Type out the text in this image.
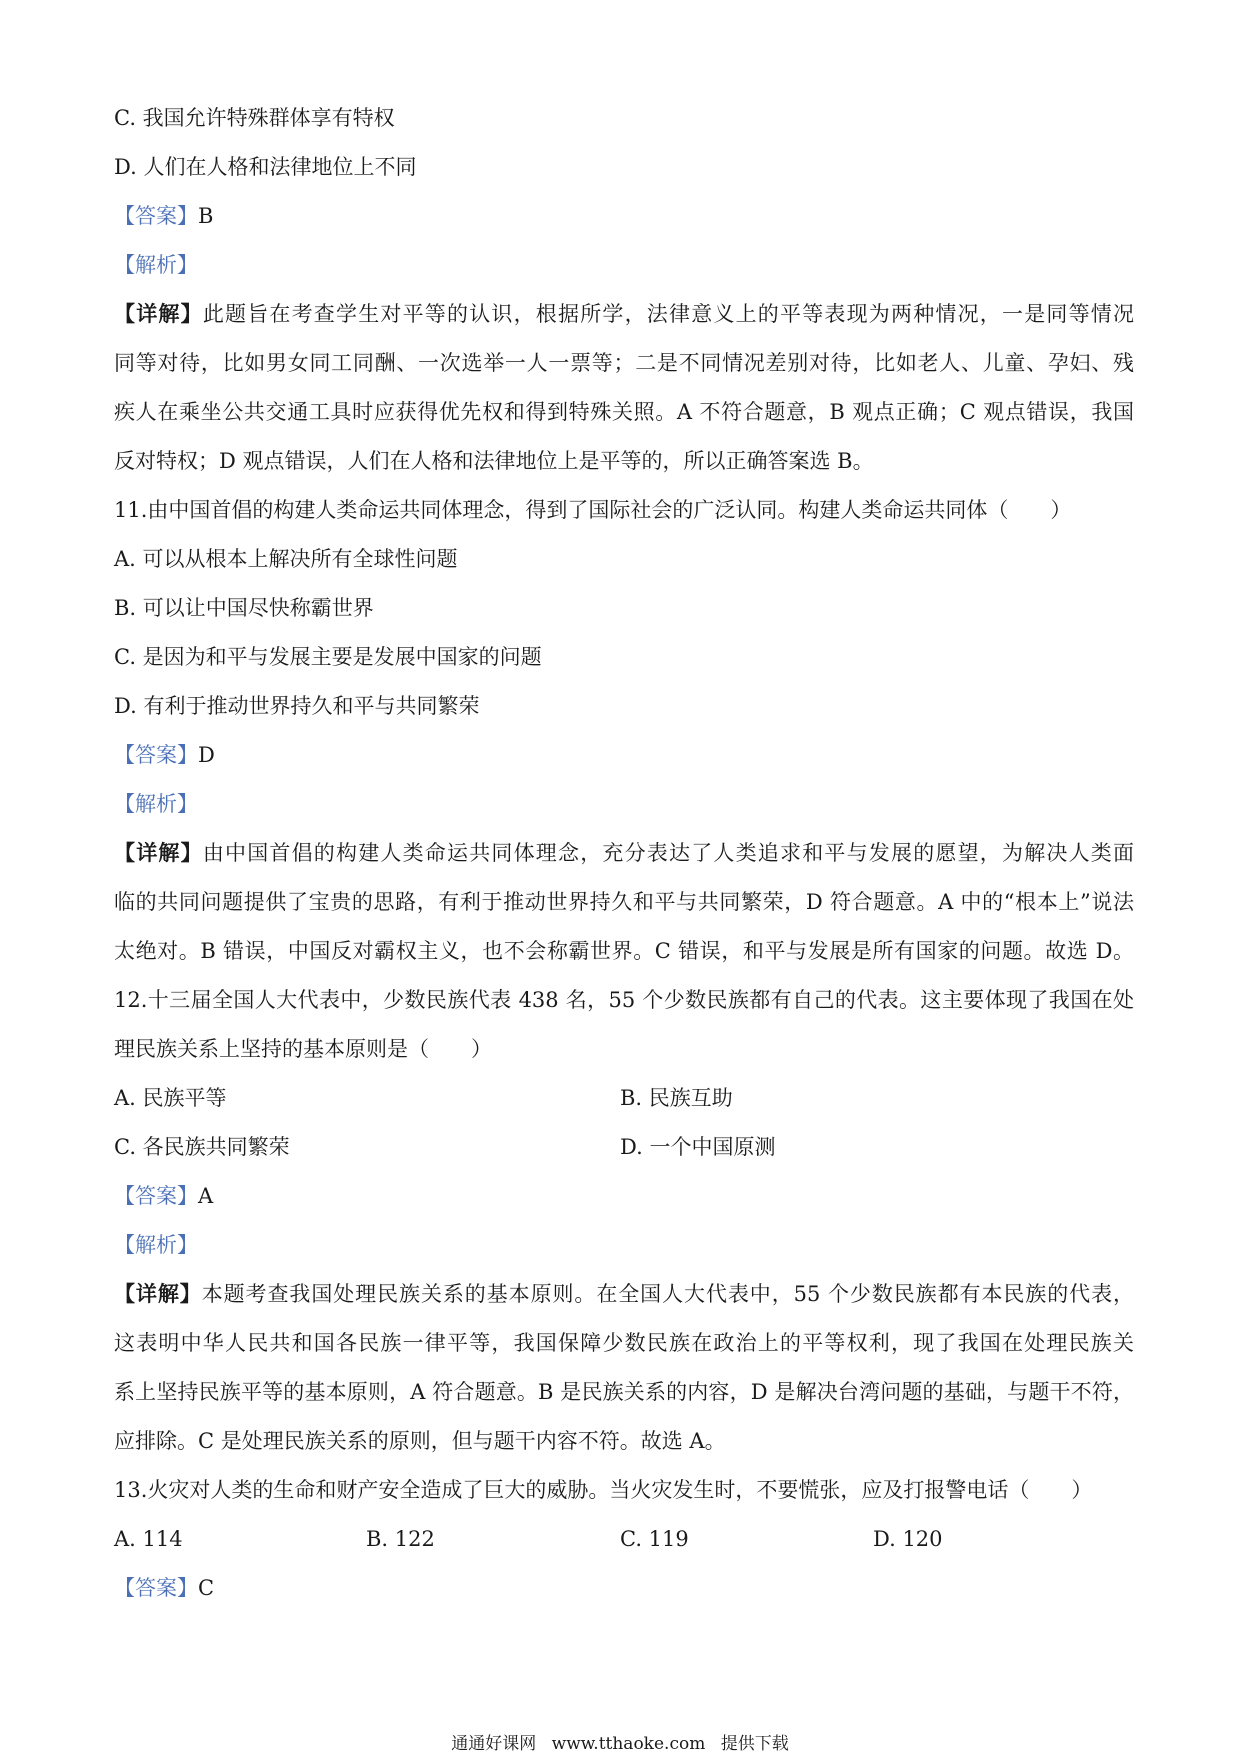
C. 我国允许特殊群体享有特权
D. 人们在人格和法律地位上不同
【答案】B
【解析】
【详解】此题旨在考查学生对平等的认识，根据所学，法律意义上的平等表现为两种情况，一是同等情况
同等对待，比如男女同工同酬、一次选举一人一票等；二是不同情况差别对待，比如老人、儿童、孕妇、残
疾人在乘坐公共交通工具时应获得优先权和得到特殊关照。A 不符合题意，B 观点正确；C 观点错误，我国
反对特权；D 观点错误，人们在人格和法律地位上是平等的，所以正确答案选 B。
11.由中国首倡的构建人类命运共同体理念，得到了国际社会的广泛认同。构建人类命运共同体（　　）
A. 可以从根本上解决所有全球性问题
B. 可以让中国尽快称霸世界
C. 是因为和平与发展主要是发展中国家的问题
D. 有利于推动世界持久和平与共同繁荣
【答案】D
【解析】
【详解】由中国首倡的构建人类命运共同体理念，充分表达了人类追求和平与发展的愿望，为解决人类面
临的共同问题提供了宝贵的思路，有利于推动世界持久和平与共同繁荣，D 符合题意。A 中的“根本上”说法
太绝对。B 错误，中国反对霸权主义，也不会称霸世界。C 错误，和平与发展是所有国家的问题。故选 D。
12.十三届全国人大代表中，少数民族代表 438 名，55 个少数民族都有自己的代表。这主要体现了我国在处
理民族关系上坚持的基本原则是（　　）
A. 民族平等	B. 民族互助
C. 各民族共同繁荣	D. 一个中国原测
【答案】A
【解析】
【详解】本题考查我国处理民族关系的基本原则。在全国人大代表中，55 个少数民族都有本民族的代表，
这表明中华人民共和国各民族一律平等，我国保障少数民族在政治上的平等权利，现了我国在处理民族关
系上坚持民族平等的基本原则，A 符合题意。B 是民族关系的内容，D 是解决台湾问题的基础，与题干不符，
应排除。C 是处理民族关系的原则，但与题干内容不符。故选 A。
13.火灾对人类的生命和财产安全造成了巨大的威胁。当火灾发生时，不要慌张，应及打报警电话（　　）
A. 114	B. 122	C. 119	D. 120
【答案】C
通通好课网 www.tthaoke.com 提供下载
